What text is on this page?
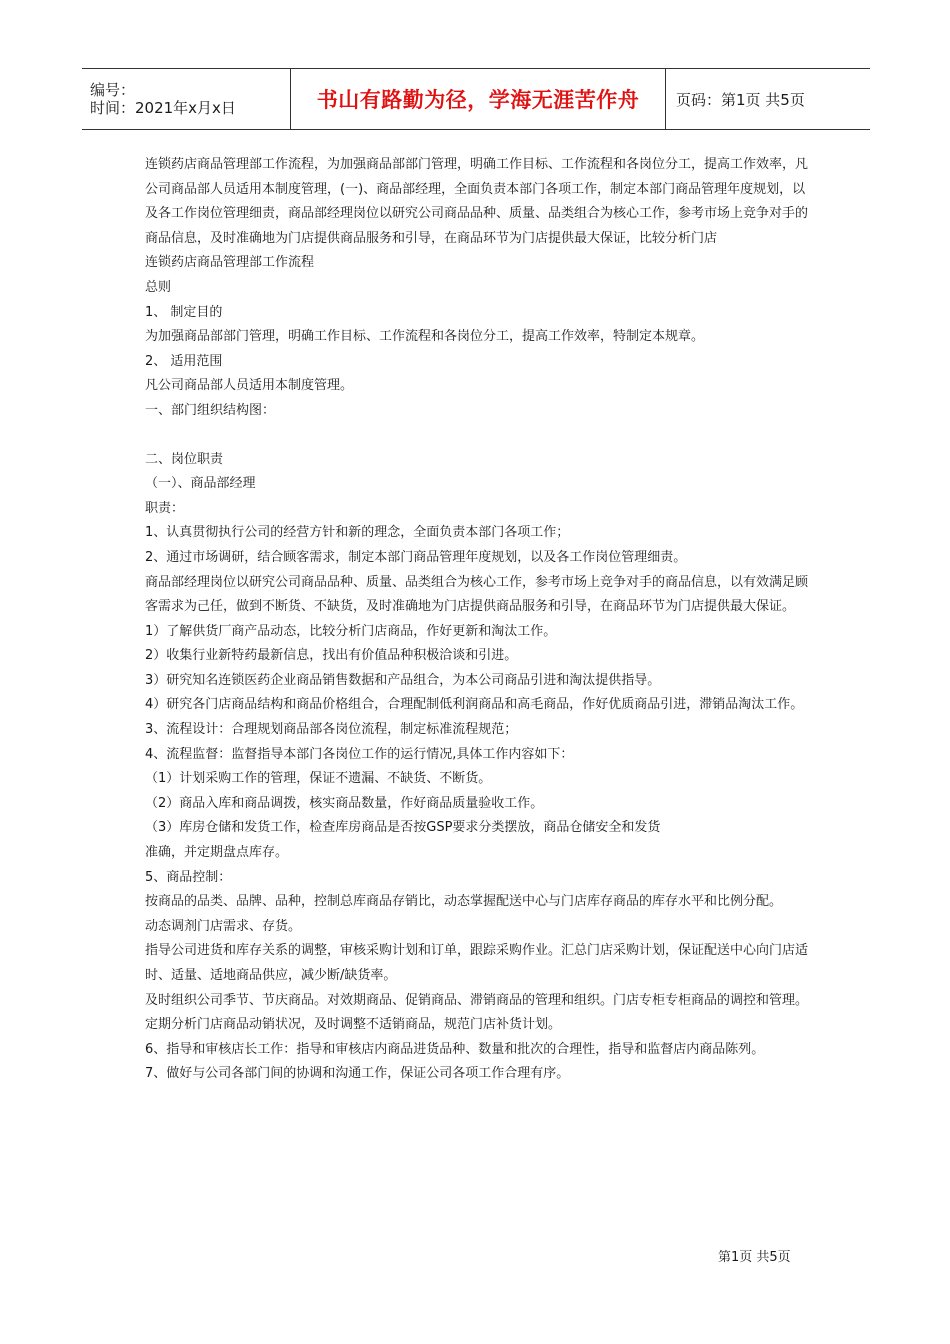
编号：
时间：2021年x月x日	书山有路勤为径，学海无涯苦作舟	页码：第1页 共5页

连锁药店商品管理部工作流程，为加强商品部部门管理，明确工作目标、工作流程和各岗位分工，提高工作效率，凡公司商品部人员适用本制度管理，(一)、商品部经理，全面负责本部门各项工作，制定本部门商品管理年度规划，以及各工作岗位管理细责，商品部经理岗位以研究公司商品品种、质量、品类组合为核心工作，参考市场上竞争对手的商品信息，及时准确地为门店提供商品服务和引导，在商品环节为门店提供最大保证，比较分析门店

连锁药店商品管理部工作流程

总则

1、 制定目的

为加强商品部部门管理，明确工作目标、工作流程和各岗位分工，提高工作效率，特制定本规章。

2、 适用范围

凡公司商品部人员适用本制度管理。

一、部门组织结构图：

二、岗位职责

（一）、商品部经理

职责：

1、认真贯彻执行公司的经营方针和新的理念，全面负责本部门各项工作；

2、通过市场调研，结合顾客需求，制定本部门商品管理年度规划，以及各工作岗位管理细责。

商品部经理岗位以研究公司商品品种、质量、品类组合为核心工作，参考市场上竞争对手的商品信息，以有效满足顾客需求为己任，做到不断货、不缺货，及时准确地为门店提供商品服务和引导，在商品环节为门店提供最大保证。

1）了解供货厂商产品动态，比较分析门店商品，作好更新和淘汰工作。

2）收集行业新特药最新信息，找出有价值品种积极洽谈和引进。

3）研究知名连锁医药企业商品销售数据和产品组合，为本公司商品引进和淘汰提供指导。

4）研究各门店商品结构和商品价格组合，合理配制低利润商品和高毛商品，作好优质商品引进，滞销品淘汰工作。

3、流程设计：合理规划商品部各岗位流程，制定标准流程规范；

4、流程监督：监督指导本部门各岗位工作的运行情况,具体工作内容如下：

（1）计划采购工作的管理，保证不遗漏、不缺货、不断货。

（2）商品入库和商品调拨，核实商品数量，作好商品质量验收工作。

（3）库房仓储和发货工作，检查库房商品是否按GSP要求分类摆放，商品仓储安全和发货

准确，并定期盘点库存。

5、商品控制：

按商品的品类、品牌、品种，控制总库商品存销比，动态掌握配送中心与门店库存商品的库存水平和比例分配。

动态调剂门店需求、存货。

指导公司进货和库存关系的调整，审核采购计划和订单，跟踪采购作业。汇总门店采购计划，保证配送中心向门店适时、适量、适地商品供应，减少断/缺货率。

及时组织公司季节、节庆商品。对效期商品、促销商品、滞销商品的管理和组织。门店专柜专柜商品的调控和管理。

定期分析门店商品动销状况，及时调整不适销商品，规范门店补货计划。

6、指导和审核店长工作：指导和审核店内商品进货品种、数量和批次的合理性，指导和监督店内商品陈列。

7、做好与公司各部门间的协调和沟通工作，保证公司各项工作合理有序。

第1页 共5页
